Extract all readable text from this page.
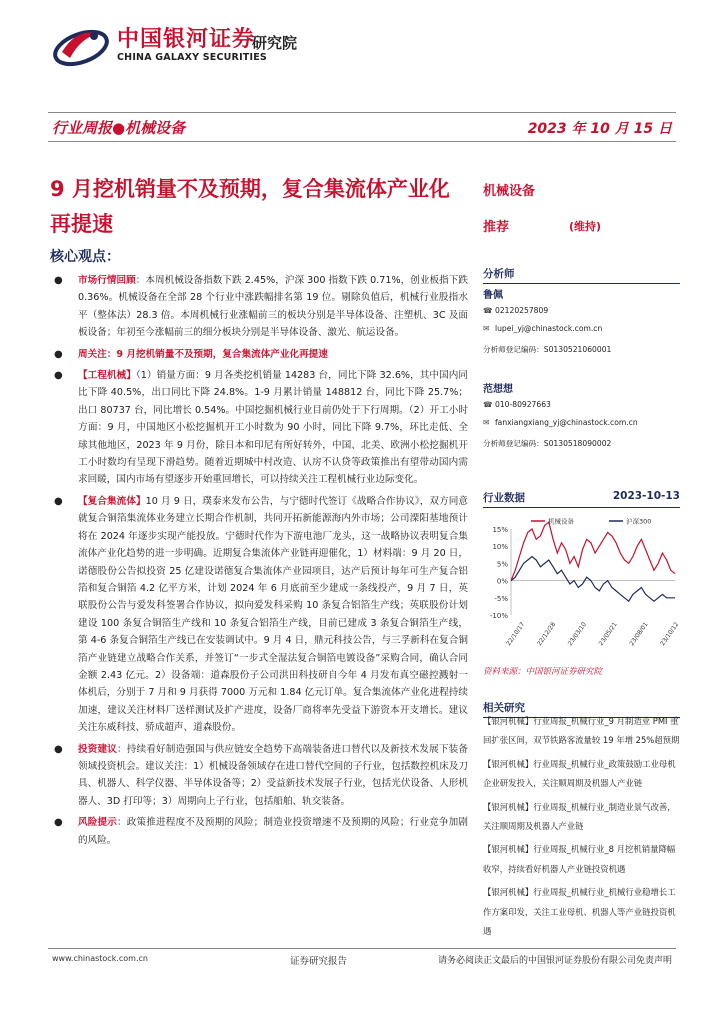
中国银河证券
CHINA GALAXY SECURITIES
研究院
行业周报●机械设备	2023 年 10 月 15 日
9 月挖机销量不及预期，复合集流体产业化再提速
核心观点：
● 市场行情回顾：本周机械设备指数下跌 2.45%，沪深 300 指数下跌 0.71%，创业板指下跌 0.36%。机械设备在全部 28 个行业中涨跌幅排名第 19 位。剔除负值后，机械行业股指水平（整体法）28.3 倍。本周机械行业涨幅前三的板块分别是半导体设备、注塑机、3C 及面板设备；年初至今涨幅前三的细分板块分别是半导体设备、激光、航运设备。
● 周关注：9 月挖机销量不及预期，复合集流体产业化再提速
● 【工程机械】（1）销量方面：9 月各类挖机销量 14283 台，同比下降 32.6%，其中国内同比下降 40.5%，出口同比下降 24.8%。1-9 月累计销量 148812 台，同比下降 25.7%；出口 80737 台，同比增长 0.54%。中国挖掘机械行业目前仍处于下行周期。（2）开工小时方面：9 月，中国地区小松挖掘机开工小时数为 90 小时，同比下降 9.7%，环比走低、全球其他地区，2023 年 9 月份，除日本和印尼有所好转外，中国、北美、欧洲小松挖掘机开工小时数均有呈现下滑趋势。随着近期城中村改造、认房不认贷等政策推出有望带动国内需求回暖，国内市场有望逐步开始重回增长，可以持续关注工程机械行业边际变化。
● 【复合集流体】10 月 9 日，璞泰来发布公告，与宁德时代签订《战略合作协议》，双方同意就复合铜箔集流体业务建立长期合作机制，共同开拓新能源海内外市场；公司溧阳基地预计将在 2024 年逐步实现产能投放。宁德时代作为下游电池厂龙头，这一战略协议表明复合集流体产业化趋势的进一步明确。近期复合集流体产业链再迎催化，1）材料端：9 月 20 日，诺德股份公告拟投资 25 亿建设诺德复合集流体产业园项目，达产后预计每年可生产复合铝箔和复合铜箔 4.2 亿平方米，计划 2024 年 6 月底前至少建成一条线投产，9 月 7 日，英联股份公告与爱发科签署合作协议，拟向爱发科采购 10 条复合铝箔生产线；英联股份计划建设 100 条复合铜箔生产线和 10 条复合铝箔生产线，目前已建成 3 条复合铜箔生产线，第 4-6 条复合铜箔生产线已在安装调试中。9 月 4 日，鼎元科技公告，与三孚新科在复合铜箔产业链建立战略合作关系，并签订“一步式全湿法复合铜箔电镀设备”采购合同，确认合同金额 2.43 亿元。2）设备端：道森股份子公司洪田科技研自今年 4 月发布真空磁控溅射一体机后，分别于 7 月和 9 月获得 7000 万元和 1.84 亿元订单。复合集流体产业化进程持续加速，建议关注材料厂送样测试及扩产进度，设备厂商将率先受益下游资本开支增长。建议关注东威科技、骄成超声、道森股份。
● 投资建议：持续看好制造强国与供应链安全趋势下高端装备进口替代以及新技术发展下装备领域投资机会。建议关注：1）机械设备领域存在进口替代空间的子行业，包括数控机床及刀具、机器人、科学仪器、半导体设备等；2）受益新技术发展子行业，包括光伏设备、人形机器人、3D 打印等；3）周期向上子行业，包括船舶、轨交装备。
● 风险提示：政策推进程度不及预期的风险；制造业投资增速不及预期的风险；行业竞争加剧的风险。
机械设备
推荐	(维持)
分析师
鲁佩
☎ 02120257809
✉ lupei_yj@chinastock.com.cn
分析师登记编码：S0130521060001
范想想
☎ 010-80927663
✉ fanxiangxiang_yj@chinastock.com.cn
分析师登记编码：S0130518090002
行业数据	2023-10-13
15%
10%
5%
0%
-5%
-10%
机械设备	沪深300
22/10/17 22/12/28 23/03/10 23/05/21 23/08/01 23/10/12
资料来源：中国银河证券研究院
相关研究
【银河机械】行业周报_机械行业_9 月制造业 PMI 重回扩张区间，双节铁路客流量较 19 年增 25%超预期
【银河机械】行业周报_机械行业_政策鼓励工业母机企业研发投入，关注顺周期及机器人产业链
【银河机械】行业周报_机械行业_制造业景气改善，关注顺周期及机器人产业链
【银河机械】行业周报_机械行业_8 月挖机销量降幅收窄，持续看好机器人产业链投资机遇
【银河机械】行业周报_机械行业_机械行业稳增长工作方案印发，关注工业母机、机器人等产业链投资机遇
www.chinastock.com.cn	证券研究报告	请务必阅读正文最后的中国银河证券股份有限公司免责声明
